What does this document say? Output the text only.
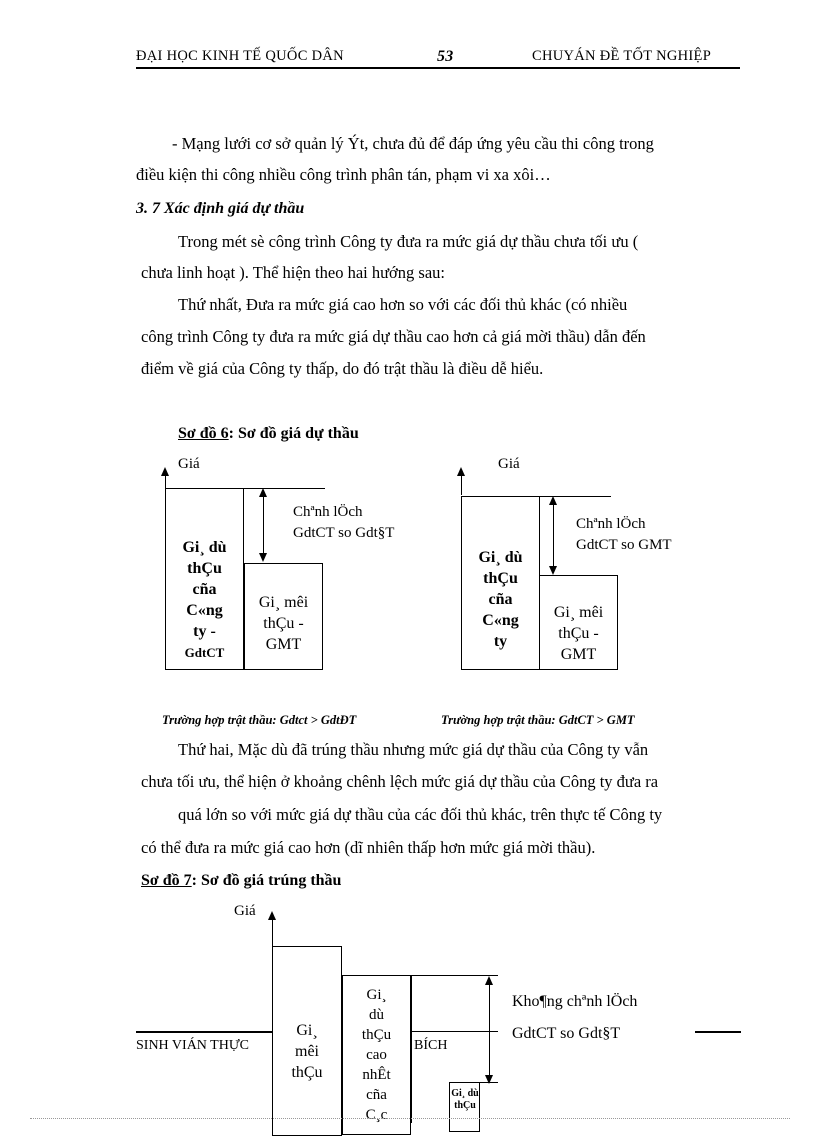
ĐẠI HỌC KINH TẾ QUỐC DÂN	53	CHUYÁN ĐỀ TỐT NGHIỆP
- Mạng lưới cơ sở quản lý Ýt, chưa đủ để đáp ứng yêu cầu thi công trong
điều kiện thi công nhiều công trình phân tán, phạm vi xa xôi…
3. 7 Xác định giá dự thầu
Trong mét sè công trình Công ty đưa ra mức giá dự thầu chưa tối ưu (
chưa linh hoạt ). Thể hiện theo hai hướng sau:
Thứ nhất, Đưa ra mức giá cao hơn so với các đối thủ khác (có nhiều
công trình Công ty đưa ra mức giá dự thầu cao hơn cả giá mời thầu) dẫn đến
điểm về giá của Công ty thấp, do đó trật thầu là điều dễ hiểu.
Sơ đồ 6: Sơ đồ giá dự thầu
Giá
Gi¸ dù
thÇu
cña
C«ng
ty -
GdtCT
Gi¸ mêi
thÇu -
GMT
Chªnh lÖch
GdtCT so Gdt§T
Giá
Gi¸ dù
thÇu
cña
C«ng
ty
Gi¸ mêi
thÇu -
GMT
Chªnh lÖch
GdtCT so GMT
Trường hợp trật thầu: Gdtct > GdtĐT	Trường hợp trật thầu: GdtCT > GMT
Thứ hai, Mặc dù đã trúng thầu nhưng mức giá dự thầu của Công ty vẫn
chưa tối ưu, thể hiện ở khoảng chênh lệch mức giá dự thầu của Công ty đưa ra
quá lớn so với mức giá dự thầu của các đối thủ khác, trên thực tế Công ty
có thể đưa ra mức giá cao hơn (dĩ nhiên thấp hơn mức giá mời thầu).
Sơ đồ 7: Sơ đồ giá trúng thầu
Giá
Gi¸
mêi
thÇu
Gi¸
dù
thÇu
cao
nhÊt
cña
C¸c
Gi¸ dù
thÇu
Kho¶ng chªnh lÖch
GdtCT so Gdt§T
SINH VIÁN THỰC	BÍCH
